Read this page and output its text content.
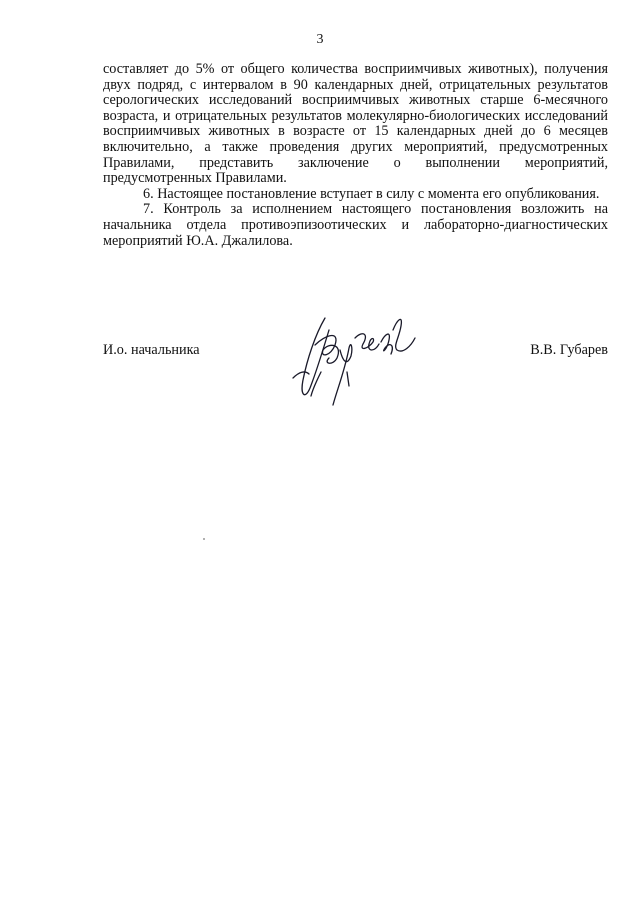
3

составляет до 5% от общего количества восприимчивых животных), получения двух подряд, с интервалом в 90 календарных дней, отрицательных результатов серологических исследований восприимчивых животных старше 6-месячного возраста, и отрицательных результатов молекулярно-биологических исследований восприимчивых животных в возрасте от 15 календарных дней до 6 месяцев включительно, а также проведения других мероприятий, предусмотренных Правилами, представить заключение о выполнении мероприятий, предусмотренных Правилами.

6. Настоящее постановление вступает в силу с момента его опубликования.

7. Контроль за исполнением настоящего постановления возложить на начальника отдела противоэпизоотических и лабораторно-диагностических мероприятий Ю.А. Джалилова.

И.о. начальника	В.В. Губарев
